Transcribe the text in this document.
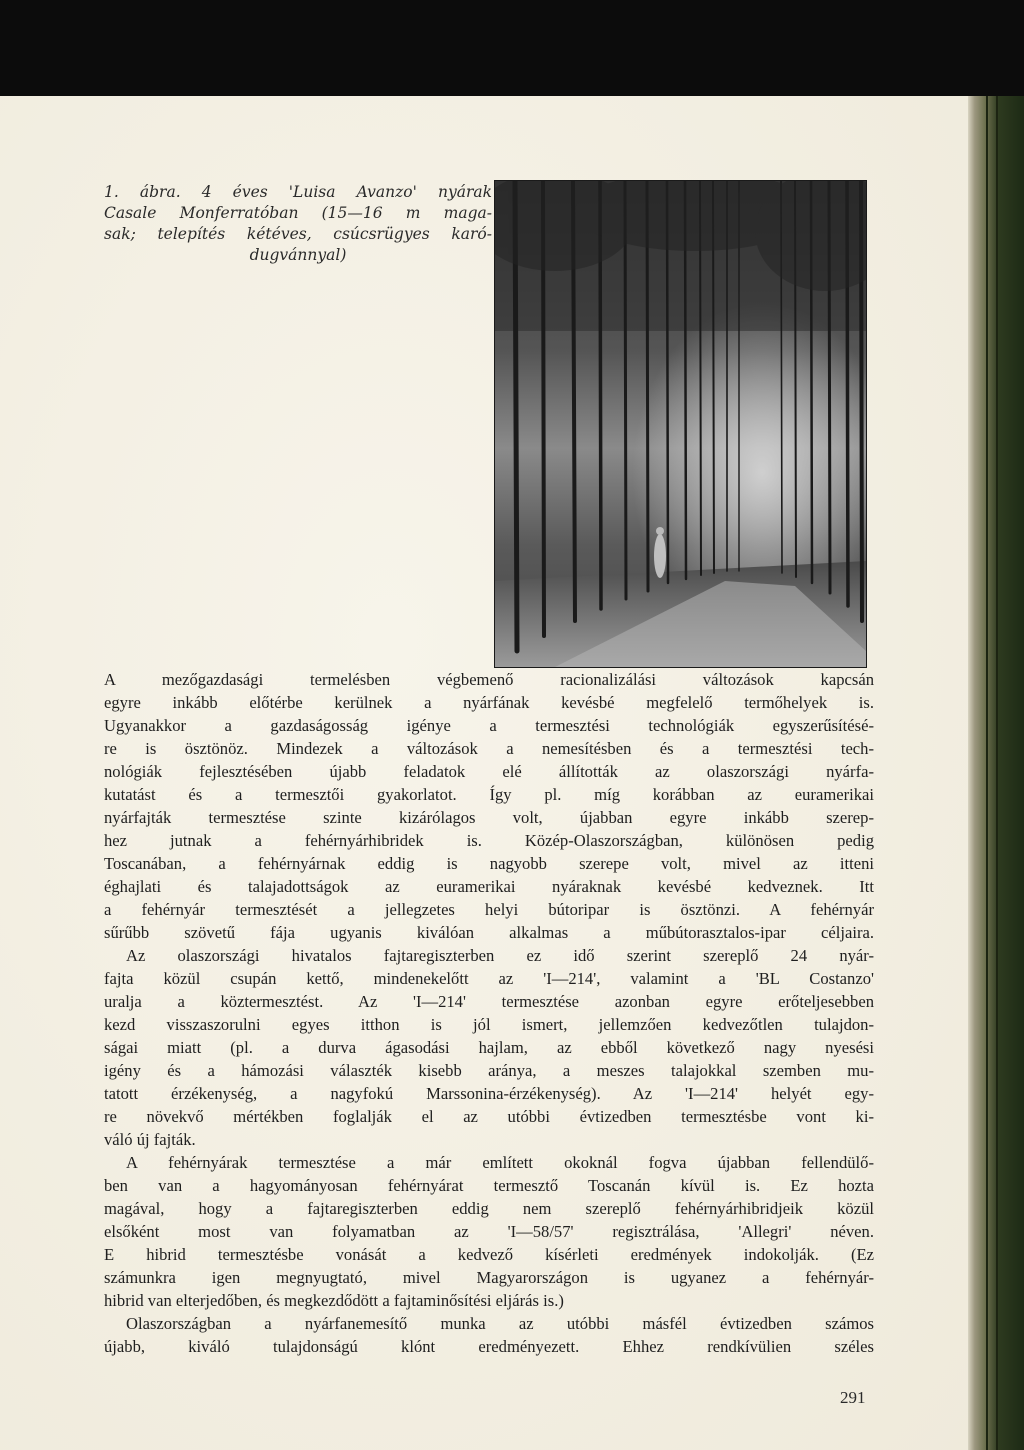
1. ábra. 4 éves 'Luisa Avanzo' nyárak
Casale Monferratóban (15—16 m maga-
sak; telepítés kétéves, csúcsrügyes karó-
dugvánnyal)

A mezőgazdasági termelésben végbemenő racionalizálási változások kapcsán
egyre inkább előtérbe kerülnek a nyárfának kevésbé megfelelő termőhelyek is.
Ugyanakkor a gazdaságosság igénye a termesztési technológiák egyszerűsítésé-
re is ösztönöz. Mindezek a változások a nemesítésben és a termesztési tech-
nológiák fejlesztésében újabb feladatok elé állították az olaszországi nyárfa-
kutatást és a termesztői gyakorlatot. Így pl. míg korábban az euramerikai
nyárfajták termesztése szinte kizárólagos volt, újabban egyre inkább szerep-
hez jutnak a fehérnyárhibridek is. Közép-Olaszországban, különösen pedig
Toscanában, a fehérnyárnak eddig is nagyobb szerepe volt, mivel az itteni
éghajlati és talajadottságok az euramerikai nyáraknak kevésbé kedveznek. Itt
a fehérnyár termesztését a jellegzetes helyi bútoripar is ösztönzi. A fehérnyár
sűrűbb szövetű fája ugyanis kiválóan alkalmas a műbútorasztalos-ipar céljaira.

Az olaszországi hivatalos fajtaregiszterben ez idő szerint szereplő 24 nyár-
fajta közül csupán kettő, mindenekelőtt az 'I—214', valamint a 'BL Costanzo'
uralja a köztermesztést. Az 'I—214' termesztése azonban egyre erőteljesebben
kezd visszaszorulni egyes itthon is jól ismert, jellemzően kedvezőtlen tulajdon-
ságai miatt (pl. a durva ágasodási hajlam, az ebből következő nagy nyesési
igény és a hámozási választék kisebb aránya, a meszes talajokkal szemben mu-
tatott érzékenység, a nagyfokú Marssonina-érzékenység). Az 'I—214' helyét egy-
re növekvő mértékben foglalják el az utóbbi évtizedben termesztésbe vont ki-
váló új fajták.

A fehérnyárak termesztése a már említett okoknál fogva újabban fellendülő-
ben van a hagyományosan fehérnyárat termesztő Toscanán kívül is. Ez hozta
magával, hogy a fajtaregiszterben eddig nem szereplő fehérnyárhibridjeik közül
elsőként most van folyamatban az 'I—58/57' regisztrálása, 'Allegri' néven.
E hibrid termesztésbe vonását a kedvező kísérleti eredmények indokolják. (Ez
számunkra igen megnyugtató, mivel Magyarországon is ugyanez a fehérnyár-
hibrid van elterjedőben, és megkezdődött a fajtaminősítési eljárás is.)

Olaszországban a nyárfanemesítő munka az utóbbi másfél évtizedben számos
újabb, kiváló tulajdonságú klónt eredményezett. Ehhez rendkívülien széles

291
